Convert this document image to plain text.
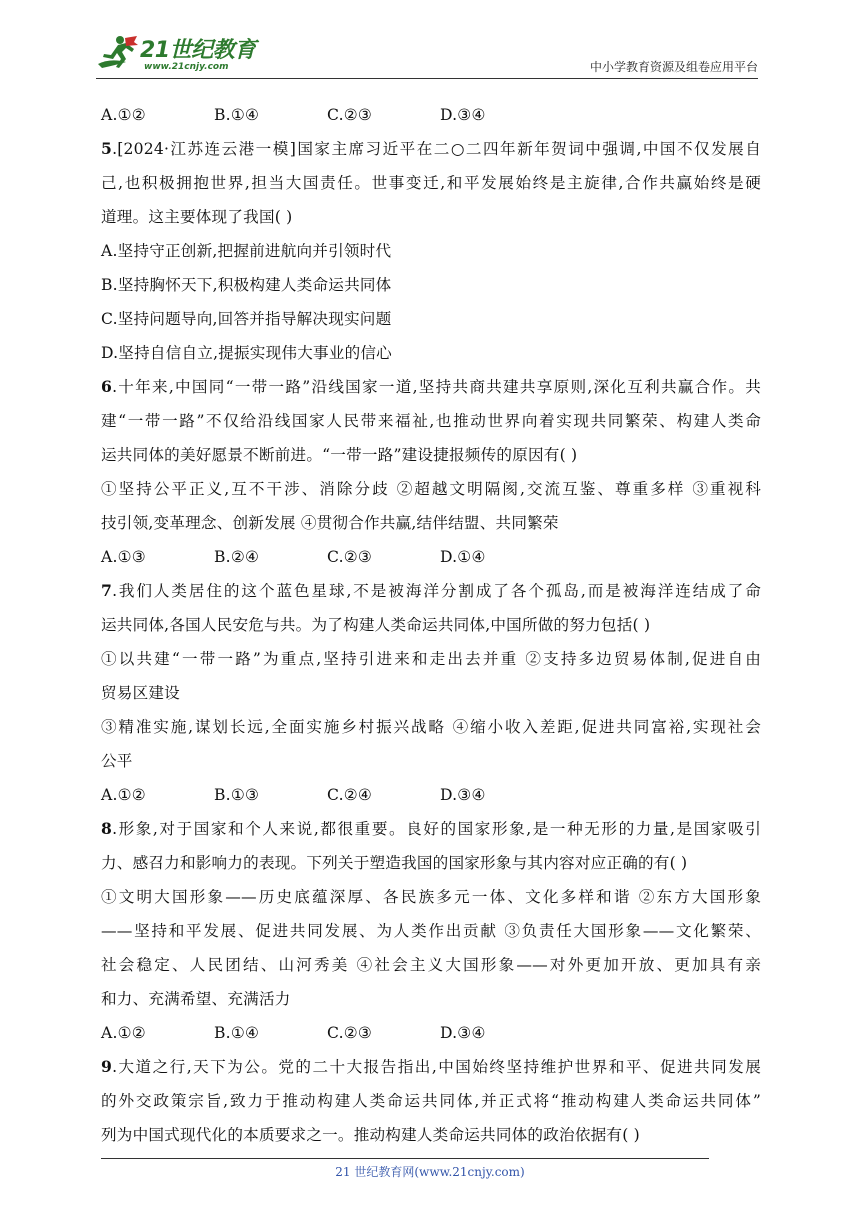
21世纪教育
www.21cnjy.com	中小学教育资源及组卷应用平台
A.①②	B.①④	C.②③	D.③④
5.[2024·江苏连云港一模]国家主席习近平在二○二四年新年贺词中强调,中国不仅发展自
己,也积极拥抱世界,担当大国责任。世事变迁,和平发展始终是主旋律,合作共赢始终是硬
道理。这主要体现了我国( )
A.坚持守正创新,把握前进航向并引领时代
B.坚持胸怀天下,积极构建人类命运共同体
C.坚持问题导向,回答并指导解决现实问题
D.坚持自信自立,提振实现伟大事业的信心
6.十年来,中国同“一带一路”沿线国家一道,坚持共商共建共享原则,深化互利共赢合作。共
建“一带一路”不仅给沿线国家人民带来福祉,也推动世界向着实现共同繁荣、构建人类命
运共同体的美好愿景不断前进。“一带一路”建设捷报频传的原因有( )
①坚持公平正义,互不干涉、消除分歧 ②超越文明隔阂,交流互鉴、尊重多样 ③重视科
技引领,变革理念、创新发展 ④贯彻合作共赢,结伴结盟、共同繁荣
A.①③	B.②④	C.②③	D.①④
7.我们人类居住的这个蓝色星球,不是被海洋分割成了各个孤岛,而是被海洋连结成了命
运共同体,各国人民安危与共。为了构建人类命运共同体,中国所做的努力包括( )
①以共建“一带一路”为重点,坚持引进来和走出去并重 ②支持多边贸易体制,促进自由
贸易区建设
③精准实施,谋划长远,全面实施乡村振兴战略 ④缩小收入差距,促进共同富裕,实现社会
公平
A.①②	B.①③	C.②④	D.③④
8.形象,对于国家和个人来说,都很重要。良好的国家形象,是一种无形的力量,是国家吸引
力、感召力和影响力的表现。下列关于塑造我国的国家形象与其内容对应正确的有( )
①文明大国形象——历史底蕴深厚、各民族多元一体、文化多样和谐 ②东方大国形象
——坚持和平发展、促进共同发展、为人类作出贡献 ③负责任大国形象——文化繁荣、
社会稳定、人民团结、山河秀美 ④社会主义大国形象——对外更加开放、更加具有亲
和力、充满希望、充满活力
A.①②	B.①④	C.②③	D.③④
9.大道之行,天下为公。党的二十大报告指出,中国始终坚持维护世界和平、促进共同发展
的外交政策宗旨,致力于推动构建人类命运共同体,并正式将“推动构建人类命运共同体”
列为中国式现代化的本质要求之一。推动构建人类命运共同体的政治依据有( )
21 世纪教育网(www.21cnjy.com)
